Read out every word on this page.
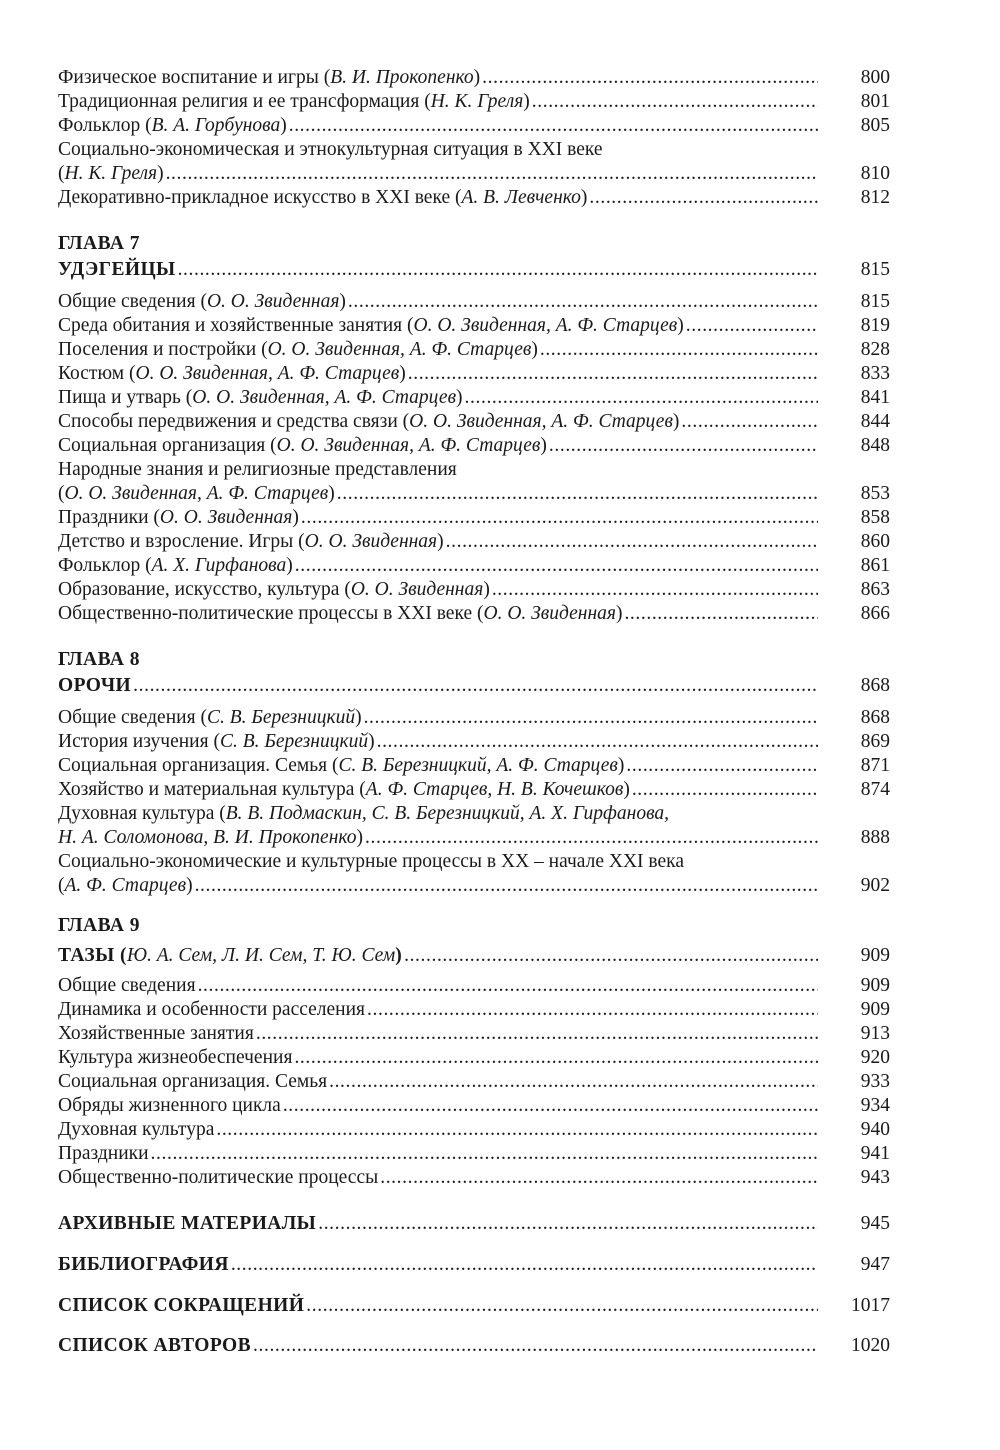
Физическое воспитание и игры (В. И. Прокопенко) .....	800
Традиционная религия и ее трансформация (Н. К. Греля) .....	801
Фольклор (В. А. Горбунова) .....	805
Социально-экономическая и этнокультурная ситуация в XXI веке
(Н. К. Греля) .....	810
Декоративно-прикладное искусство в XXI веке (А. В. Левченко) .....	812
ГЛАВА 7
УДЭГЕЙЦЫ .....	815
Общие сведения (О. О. Звиденная) .....	815
Среда обитания и хозяйственные занятия (О. О. Звиденная, А. Ф. Старцев) .....	819
Поселения и постройки (О. О. Звиденная, А. Ф. Старцев) .....	828
Костюм (О. О. Звиденная, А. Ф. Старцев) .....	833
Пища и утварь (О. О. Звиденная, А. Ф. Старцев) .....	841
Способы передвижения и средства связи (О. О. Звиденная, А. Ф. Старцев) .....	844
Социальная организация (О. О. Звиденная, А. Ф. Старцев) .....	848
Народные знания и религиозные представления
(О. О. Звиденная, А. Ф. Старцев) .....	853
Праздники (О. О. Звиденная) .....	858
Детство и взросление. Игры (О. О. Звиденная) .....	860
Фольклор (А. Х. Гирфанова) .....	861
Образование, искусство, культура (О. О. Звиденная) .....	863
Общественно-политические процессы в XXI веке (О. О. Звиденная) .....	866
ГЛАВА 8
ОРОЧИ .....	868
Общие сведения (С. В. Березницкий) .....	868
История изучения (С. В. Березницкий) .....	869
Социальная организация. Семья (С. В. Березницкий, А. Ф. Старцев) .....	871
Хозяйство и материальная культура (А. Ф. Старцев, Н. В. Кочешков) .....	874
Духовная культура (В. В. Подмаскин, С. В. Березницкий, А. Х. Гирфанова,
Н. А. Соломонова, В. И. Прокопенко) .....	888
Социально-экономические и культурные процессы в XX – начале XXI века
(А. Ф. Старцев) .....	902
ГЛАВА 9
ТАЗЫ (Ю. А. Сем, Л. И. Сем, Т. Ю. Сем) .....	909
Общие сведения .....	909
Динамика и особенности расселения .....	909
Хозяйственные занятия .....	913
Культура жизнеобеспечения .....	920
Социальная организация. Семья .....	933
Обряды жизненного цикла .....	934
Духовная культура .....	940
Праздники .....	941
Общественно-политические процессы .....	943
АРХИВНЫЕ МАТЕРИАЛЫ .....	945
БИБЛИОГРАФИЯ .....	947
СПИСОК СОКРАЩЕНИЙ .....	1017
СПИСОК АВТОРОВ .....	1020
